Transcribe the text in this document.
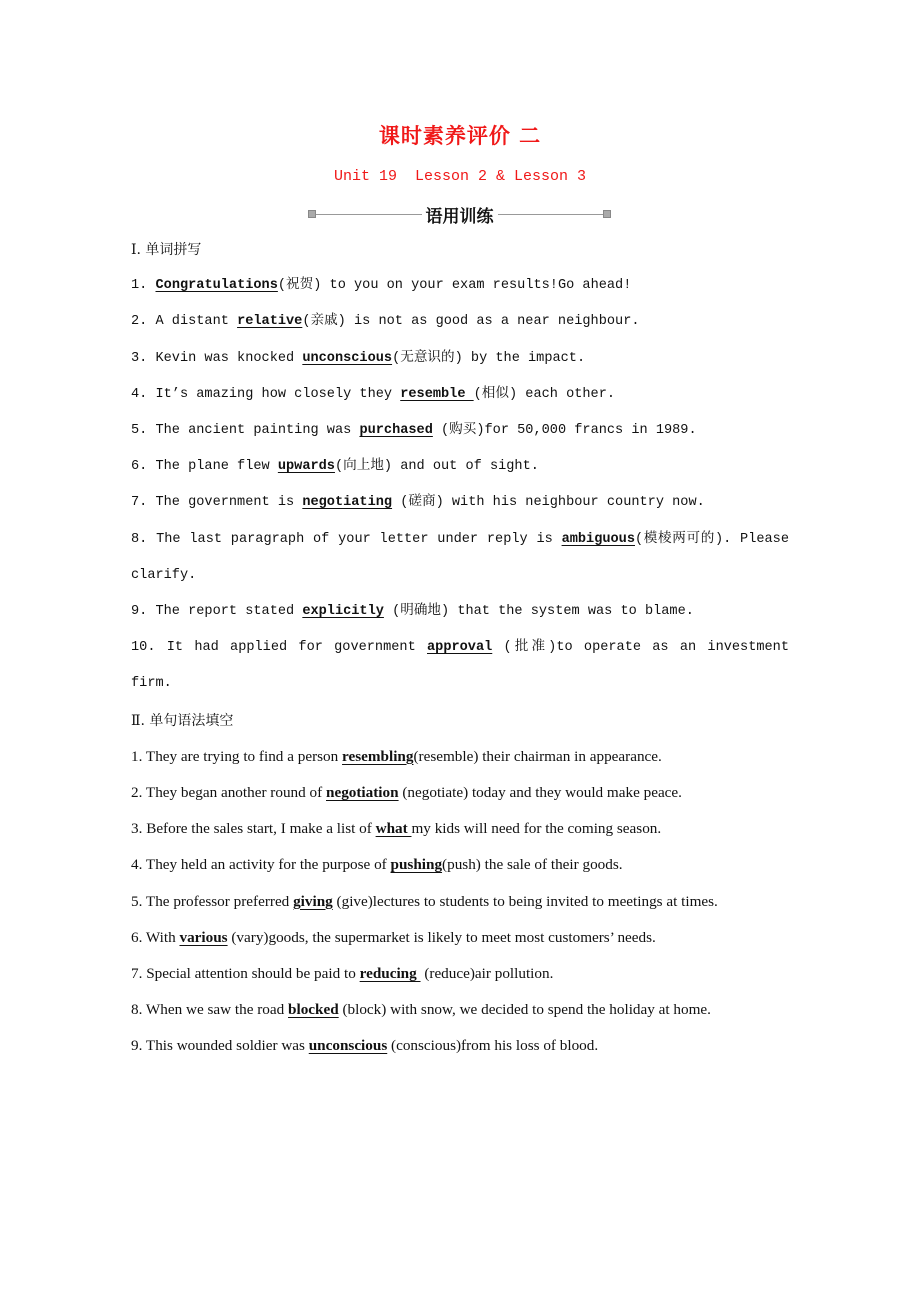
课时素养评价 二
Unit 19  Lesson 2 & Lesson 3
语用训练
Ⅰ. 单词拼写
1. Congratulations(祝贺) to you on your exam results!Go ahead!
2. A distant relative(亲戚) is not as good as a near neighbour.
3. Kevin was knocked unconscious(无意识的) by the impact.
4. It’s amazing how closely they resemble (相似) each other.
5. The ancient painting was purchased (购买)for 50,000 francs in 1989.
6. The plane flew upwards(向上地) and out of sight.
7. The government is negotiating (磋商) with his neighbour country now.
8. The last paragraph of your letter under reply is ambiguous(模棱两可的). Please clarify.
9. The report stated explicitly (明确地) that the system was to blame.
10. It had applied for government approval (批准)to operate as an investment firm.
Ⅱ. 单句语法填空
1. They are trying to find a person resembling(resemble) their chairman in appearance.
2. They began another round of negotiation (negotiate) today and they would make peace.
3. Before the sales start, I make a list of what my kids will need for the coming season.
4. They held an activity for the purpose of pushing(push) the sale of their goods.
5. The professor preferred giving (give)lectures to students to being invited to meetings at times.
6. With various (vary)goods, the supermarket is likely to meet most customers’ needs.
7. Special attention should be paid to reducing  (reduce)air pollution.
8. When we saw the road blocked (block) with snow, we decided to spend the holiday at home.
9. This wounded soldier was unconscious (conscious)from his loss of blood.
